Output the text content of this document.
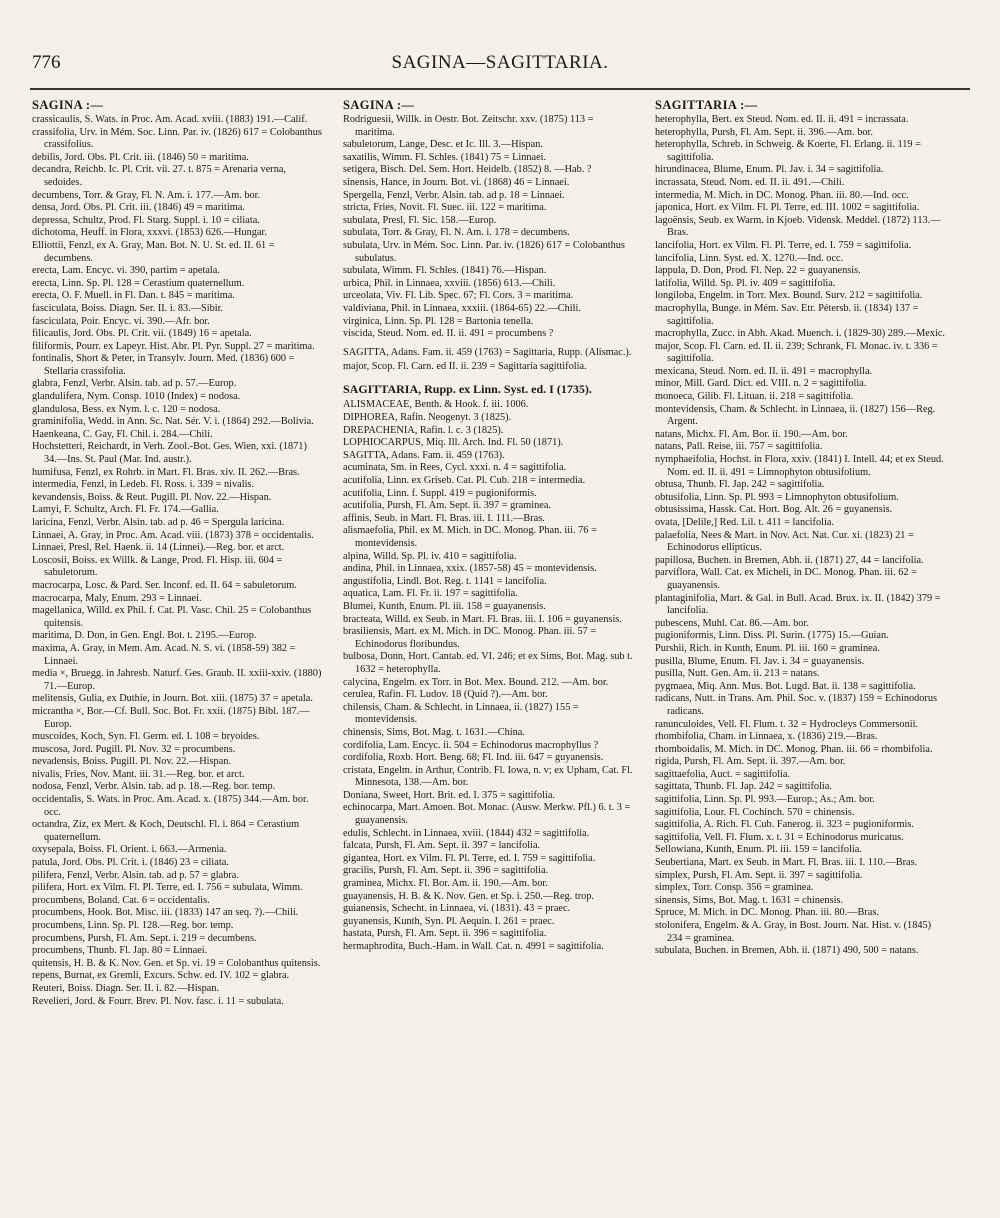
776	SAGINA—SAGITTARIA.
SAGINA :—

crassicaulis, S. Wats. in Proc. Am. Acad. xviii. (1883) 191.—Calif.

crassifolia, Urv. in Mém. Soc. Linn. Par. iv. (1826) 617 = Colobanthus crassifolius.

debilis, Jord. Obs. Pl. Crit. iii. (1846) 50 = maritima.

decandra, Reichb. Ic. Pl. Crit. vii. 27. t. 875 = Arenaria verna, sedoides.

decumbens, Torr. & Gray, Fl. N. Am. i. 177.—Am. bor.

densa, Jord. Obs. Pl. Crit. iii. (1846) 49 = maritima.

depressa, Schultz, Prod. Fl. Starg. Suppl. i. 10 = ciliata.

dichotoma, Heuff. in Flora, xxxvi. (1853) 626.—Hungar.

Elliottii, Fenzl, ex A. Gray, Man. Bot. N. U. St. ed. II. 61 = decumbens.

erecta, Lam. Encyc. vi. 390, partim = apetala.

erecta, Linn. Sp. Pl. 128 = Cerastium quaternellum.

erecta, O. F. Muell. in Fl. Dan. t. 845 = maritima.

fasciculata, Boiss. Diagn. Ser. II. i. 83.—Sibir.

fasciculata, Poir. Encyc. vi. 390.—Afr. bor.

filicaulis, Jord. Obs. Pl. Crit. vii. (1849) 16 = apetala.

filiformis, Pourr. ex Lapeyr. Hist. Abr. Pl. Pyr. Suppl. 27 = maritima.

fontinalis, Short & Peter, in Transylv. Journ. Med. (1836) 600 = Stellaria crassifolia.

glabra, Fenzl, Verbr. Alsin. tab. ad p. 57.—Europ.

glandulifera, Nym. Consp. 1010 (Index) = nodosa.

glandulosa, Bess. ex Nym. l. c. 120 = nodosa.

graminifolia, Wedd. in Ann. Sc. Nat. Sér. V. i. (1864) 292.—Bolivia.

Haenkeana, C. Gay, Fl. Chil. i. 284.—Chili.

Hochstetteri, Reichardt, in Verh. Zool.-Bot. Ges. Wien, xxi. (1871) 34.—Ins. St. Paul (Mar. Ind. austr.).

humifusa, Fenzl, ex Rohrb. in Mart. Fl. Bras. xiv. II. 262.—Bras.

intermedia, Fenzl, in Ledeb. Fl. Ross. i. 339 = nivalis.

kevandensis, Boiss. & Reut. Pugill. Pl. Nov. 22.—Hispan.

Lamyi, F. Schultz, Arch. Fl. Fr. 174.—Gallia.

laricina, Fenzl, Verbr. Alsin. tab. ad p. 46 = Spergula laricina.

Linnaei, A. Gray, in Proc. Am. Acad. viii. (1873) 378 = occidentalis.

Linnaei, Presl, Rel. Haenk. ii. 14 (Linnei).—Reg. bor. et arct.

Loscosii, Boiss. ex Willk. & Lange, Prod. Fl. Hisp. iii. 604 = sabuletorum.

macrocarpa, Losc. & Pard. Ser. Inconf. ed. II. 64 = sabuletorum.

macrocarpa, Maly, Enum. 293 = Linnaei.

magellanica, Willd. ex Phil. f. Cat. Pl. Vasc. Chil. 25 = Colobanthus quitensis.

maritima, D. Don, in Gen. Engl. Bot. t. 2195.—Europ.

maxima, A. Gray, in Mem. Am. Acad. N. S. vi. (1858-59) 382 = Linnaei.

media ×, Bruegg. in Jahresb. Naturf. Ges. Graub. II. xxiii-xxiv. (1880) 71.—Europ.

melitensis, Gulia, ex Duthie, in Journ. Bot. xiii. (1875) 37 = apetala.

micrantha ×, Bor.—Cf. Bull. Soc. Bot. Fr. xxii. (1875) Bibl. 187.—Europ.

muscoides, Koch, Syn. Fl. Germ. ed. I. 108 = bryoides.

muscosa, Jord. Pugill. Pl. Nov. 32 = procumbens.

nevadensis, Boiss. Pugill. Pl. Nov. 22.—Hispan.

nivalis, Fries, Nov. Mant. iii. 31.—Reg. bor. et arct.

nodosa, Fenzl, Verbr. Alsin. tab. ad p. 18.—Reg. bor. temp.

occidentalis, S. Wats. in Proc. Am. Acad. x. (1875) 344.—Am. bor. occ.

octandra, Ziz, ex Mert. & Koch, Deutschl. Fl. i. 864 = Cerastium quaternellum.

oxysepala, Boiss. Fl. Orient. i. 663.—Armenia.

patula, Jord. Obs. Pl. Crit. i. (1846) 23 = ciliata.

pilifera, Fenzl, Verbr. Alsin. tab. ad p. 57 = glabra.

pilifera, Hort. ex Vilm. Fl. Pl. Terre, ed. I. 756 = subulata, Wimm.

procumbens, Boland. Cat. 6 = occidentalis.

procumbens, Hook. Bot. Misc. iii. (1833) 147 an seq. ?).—Chili.

procumbens, Linn. Sp. Pl. 128.—Reg. bor. temp.

procumbens, Pursh, Fl. Am. Sept. i. 219 = decumbens.

procumbens, Thunb. Fl. Jap. 80 = Linnaei.

quitensis, H. B. & K. Nov. Gen. et Sp. vi. 19 = Colobanthus quitensis.

repens, Burnat, ex Gremli, Excurs. Schw. ed. IV. 102 = glabra.

Reuteri, Boiss. Diagn. Ser. II. i. 82.—Hispan.

Revelieri, Jord. & Fourr. Brev. Pl. Nov. fasc. i. 11 = subulata.

SAGINA :—

Rodriguesii, Willk. in Oestr. Bot. Zeitschr. xxv. (1875) 113 = maritima.

sabuletorum, Lange, Desc. et Ic. Ill. 3.—Hispan.

saxatilis, Wimm. Fl. Schles. (1841) 75 = Linnaei.

setigera, Bisch. Del. Sem. Hort. Heidelb. (1852) 8. —Hab. ?

sinensis, Hance, in Journ. Bot. vi. (1868) 46 = Linnaei.

Spergella, Fenzl, Verbr. Alsin. tab. ad p. 18 = Linnaei.

stricta, Fries, Novit. Fl. Suec. iii. 122 = maritima.

subulata, Presl, Fl. Sic. 158.—Europ.

subulata, Torr. & Gray, Fl. N. Am. i. 178 = decumbens.

subulata, Urv. in Mém. Soc. Linn. Par. iv. (1826) 617 = Colobanthus subulatus.

subulata, Wimm. Fl. Schles. (1841) 76.—Hispan.

urbica, Phil. in Linnaea, xxviii. (1856) 613.—Chili.

urceolata, Viv. Fl. Lib. Spec. 67; Fl. Cors. 3 = maritima.

valdiviana, Phil. in Linnaea, xxxiii. (1864-65) 22.—Chili.

virginica, Linn. Sp. Pl. 128 = Bartonia tenella.

viscida, Steud. Nom. ed. II. ii. 491 = procumbens ?

SAGITTA, Adans. Fam. ii. 459 (1763) = Sagittaria, Rupp. (Alismac.).

major, Scop. Fl. Carn. ed II. ii. 239 = Sagittaria sagittifolia.

SAGITTARIA, Rupp. ex Linn. Syst. ed. I (1735).

ALISMACEAE, Benth. & Hook. f. iii. 1006.

DIPHOREA, Rafin. Neogenyt. 3 (1825).

DREPACHENIA, Rafin. l. c. 3 (1825).

LOPHIOCARPUS, Miq. Ill. Arch. Ind. Fl. 50 (1871).

SAGITTA, Adans. Fam. ii. 459 (1763).

acuminata, Sm. in Rees, Cycl. xxxi. n. 4 = sagittifolia.

acutifolia, Linn. ex Griseb. Cat. Pl. Cub. 218 = intermedia.

acutifolia, Linn. f. Suppl. 419 = pugioniformis.

acutifolia, Pursh, Fl. Am. Sept. ii. 397 = graminea.

affinis, Seub. in Mart. Fl. Bras. iii. I. 111.—Bras.

alismaefolia, Phil. ex M. Mich. in DC. Monog. Phan. iii. 76 = montevidensis.

alpina, Willd. Sp. Pl. iv. 410 = sagittifolia.

andina, Phil. in Linnaea, xxix. (1857-58) 45 = montevidensis.

angustifolia, Lindl. Bot. Reg. t. 1141 = lancifolia.

aquatica, Lam. Fl. Fr. ii. 197 = sagittifolia.

Blumei, Kunth, Enum. Pl. iii. 158 = guayanensis.

bracteata, Willd. ex Seub. in Mart. Fl. Bras. iii. I. 106 = guyanensis.

brasiliensis, Mart. ex M. Mich. in DC. Monog. Phan. iii. 57 = Echinodorus floribundus.

bulbosa, Donn, Hort. Cantab. ed. VI. 246; et ex Sims, Bot. Mag. sub t. 1632 = heterophylla.

calycina, Engelm. ex Torr. in Bot. Mex. Bound. 212. —Am. bor.

cerulea, Rafin. Fl. Ludov. 18 (Quid ?).—Am. bor.

chilensis, Cham. & Schlecht. in Linnaea, ii. (1827) 155 = montevidensis.

chinensis, Sims, Bot. Mag. t. 1631.—China.

cordifolia, Lam. Encyc. ii. 504 = Echinodorus macrophyllus ?

cordifolia, Roxb. Hort. Beng. 68; Fl. Ind. iii. 647 = guyanensis.

cristata, Engelm. in Arthur, Contrib. Fl. Iowa, n. v; ex Upham, Cat. Fl. Minnesota, 138.—Am. bor.

Doniana, Sweet, Hort. Brit. ed. I. 375 = sagittifolia.

echinocarpa, Mart. Amoen. Bot. Monac. (Ausw. Merkw. Pfl.) 6. t. 3 = guayanensis.

edulis, Schlecht. in Linnaea, xviii. (1844) 432 = sagittifolia.

falcata, Pursh, Fl. Am. Sept. ii. 397 = lancifolia.

gigantea, Hort. ex Vilm. Fl. Pl. Terre, ed. I. 759 = sagittifolia.

gracilis, Pursh, Fl. Am. Sept. ii. 396 = sagittifolia.

graminea, Michx. Fl. Bor. Am. ii. 190.—Am. bor.

guayanensis, H. B. & K. Nov. Gen. et Sp. i. 250.—Reg. trop.

guianensis, Schecht. in Linnaea, vi. (1831). 43 = praec.

guyanensis, Kunth, Syn. Pl. Aequin. I. 261 = praec.

hastata, Pursh, Fl. Am. Sept. ii. 396 = sagittifolia.

hermaphrodita, Buch.-Ham. in Wall. Cat. n. 4991 = sagittifolia.

SAGITTARIA :—

heterophylla, Bert. ex Steud. Nom. ed. II. ii. 491 = incrassata.

heterophylla, Pursh, Fl. Am. Sept. ii. 396.—Am. bor.

heterophylla, Schreb. in Schweig. & Koerte, Fl. Erlang. ii. 119 = sagittifolia.

hirundinacea, Blume, Enum. Pl. Jav. i. 34 = sagittifolia.

incrassata, Steud. Nom. ed. II. ii. 491.—Chili.

intermedia, M. Mich. in DC. Monog. Phan. iii. 80.—Ind. occ.

japonica, Hort. ex Vilm. Fl. Pl. Terre, ed. III. 1002 = sagittifolia.

lagoënsis, Seub. ex Warm. in Kjoeb. Vidensk. Meddel. (1872) 113.—Bras.

lancifolia, Hort. ex Vilm. Fl. Pl. Terre, ed. I. 759 = sagittifolia.

lancifolia, Linn. Syst. ed. X. 1270.—Ind. occ.

lappula, D. Don, Prod. Fl. Nep. 22 = guayanensis.

latifolia, Willd. Sp. Pl. iv. 409 = sagittifolia.

longiloba, Engelm. in Torr. Mex. Bound. Surv. 212 = sagittifolia.

macrophylla, Bunge. in Mém. Sav. Etr. Pétersb. ii. (1834) 137 = sagittifolia.

macrophylla, Zucc. in Abh. Akad. Muench. i. (1829-30) 289.—Mexic.

major, Scop. Fl. Carn. ed. II. ii. 239; Schrank, Fl. Monac. iv. t. 336 = sagittifolia.

mexicana, Steud. Nom. ed. II. ii. 491 = macrophylla.

minor, Mill. Gard. Dict. ed. VIII. n. 2 = sagittifolia.

monoeca, Gilib. Fl. Lituan. ii. 218 = sagittifolia.

montevidensis, Cham. & Schlecht. in Linnaea, ii. (1827) 156—Reg. Argent.

natans, Michx. Fl. Am. Bor. ii. 190.—Am. bor.

natans, Pall. Reise, iii. 757 = sagittifolia.

nymphaeifolia, Hochst. in Flora, xxiv. (1841) I. Intell. 44; et ex Steud. Nom. ed. II. ii. 491 = Limnophyton obtusifolium.

obtusa, Thunb. Fl. Jap. 242 = sagittifolia.

obtusifolia, Linn. Sp. Pl. 993 = Limnophyton obtusifolium.

obtusissima, Hassk. Cat. Hort. Bog. Alt. 26 = guyanensis.

ovata, [Delile,] Red. Lil. t. 411 = lancifolia.

palaefolia, Nees & Mart. in Nov. Act. Nat. Cur. xi. (1823) 21 = Echinodorus ellipticus.

papillosa, Buchen. in Bremen, Abh. ii. (1871) 27, 44 = lancifolia.

parviflora, Wall. Cat. ex Micheli, in DC. Monog. Phan. iii. 62 = guayanensis.

plantaginifolia, Mart. & Gal. in Bull. Acad. Brux. ix. II. (1842) 379 = lancifolia.

pubescens, Muhl. Cat. 86.—Am. bor.

pugioniformis, Linn. Diss. Pl. Surin. (1775) 15.—Guian.

Purshii, Rich. in Kunth, Enum. Pl. iii. 160 = graminea.

pusilla, Blume, Enum. Fl. Jav. i. 34 = guayanensis.

pusilla, Nutt. Gen. Am. ii. 213 = natans.

pygmaea, Miq. Ann. Mus. Bot. Lugd. Bat. ii. 138 = sagittifolia.

radicans, Nutt. in Trans. Am. Phil. Soc. v. (1837) 159 = Echinodorus radicans.

ranunculoides, Vell. Fl. Flum. t. 32 = Hydrocleys Commersonii.

rhombifolia, Cham. in Linnaea, x. (1836) 219.—Bras.

rhomboidalis, M. Mich. in DC. Monog. Phan. iii. 66 = rhombifolia.

rigida, Pursh, Fl. Am. Sept. ii. 397.—Am. bor.

sagittaefolia, Auct. = sagittifolia.

sagittata, Thunb. Fl. Jap. 242 = sagittifolia.

sagittifolia, Linn. Sp. Pl. 993.—Europ.; As.; Am. bor.

sagittifolia, Lour. Fl. Cochinch. 570 = chinensis.

sagittifolia, A. Rich. Fl. Cub. Fanerog. ii. 323 = pugioniformis.

sagittifolia, Vell. Fl. Flum. x. t. 31 = Echinodorus muricatus.

Sellowiana, Kunth, Enum. Pl. iii. 159 = lancifolia.

Seubertiana, Mart. ex Seub. in Mart. Fl. Bras. iii. I. 110.—Bras.

simplex, Pursh, Fl. Am. Sept. ii. 397 = sagittifolia.

simplex, Torr. Consp. 356 = graminea.

sinensis, Sims, Bot. Mag. t. 1631 = chinensis.

Spruce, M. Mich. in DC. Monog. Phan. iii. 80.—Bras.

stolonifera, Engelm. & A. Gray, in Bost. Journ. Nat. Hist. v. (1845) 234 = graminea.

subulata, Buchen. in Bremen, Abh. ii. (1871) 490, 500 = natans.
